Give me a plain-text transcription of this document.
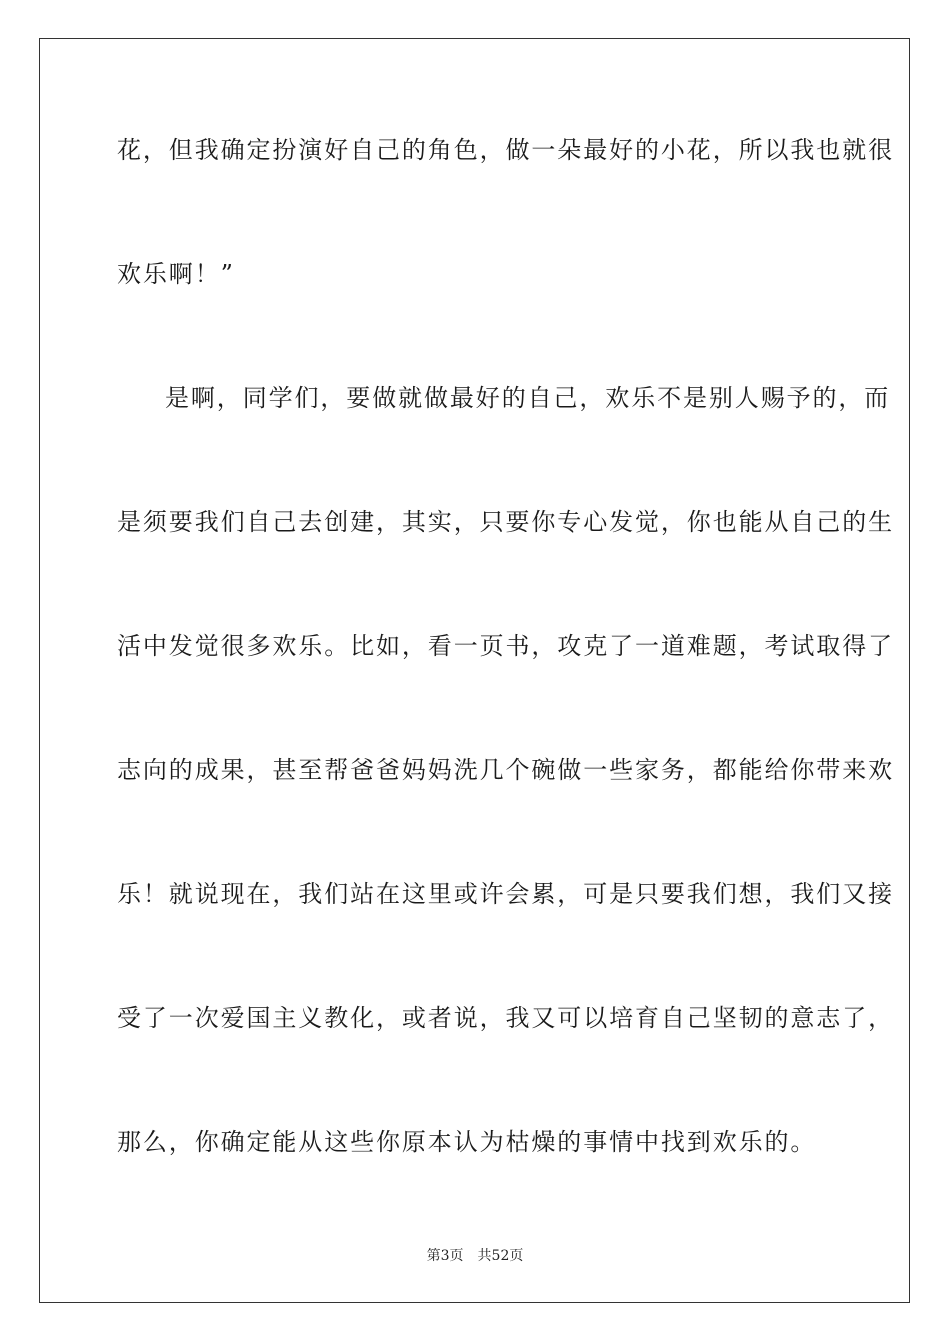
花，但我确定扮演好自己的角色，做一朵最好的小花，所以我也就很
欢乐啊！”
是啊，同学们，要做就做最好的自己，欢乐不是别人赐予的，而
是须要我们自己去创建，其实，只要你专心发觉，你也能从自己的生
活中发觉很多欢乐。比如，看一页书，攻克了一道难题，考试取得了
志向的成果，甚至帮爸爸妈妈洗几个碗做一些家务，都能给你带来欢
乐！就说现在，我们站在这里或许会累，可是只要我们想，我们又接
受了一次爱国主义教化，或者说，我又可以培育自己坚韧的意志了，
那么，你确定能从这些你原本认为枯燥的事情中找到欢乐的。
第3页　共52页
